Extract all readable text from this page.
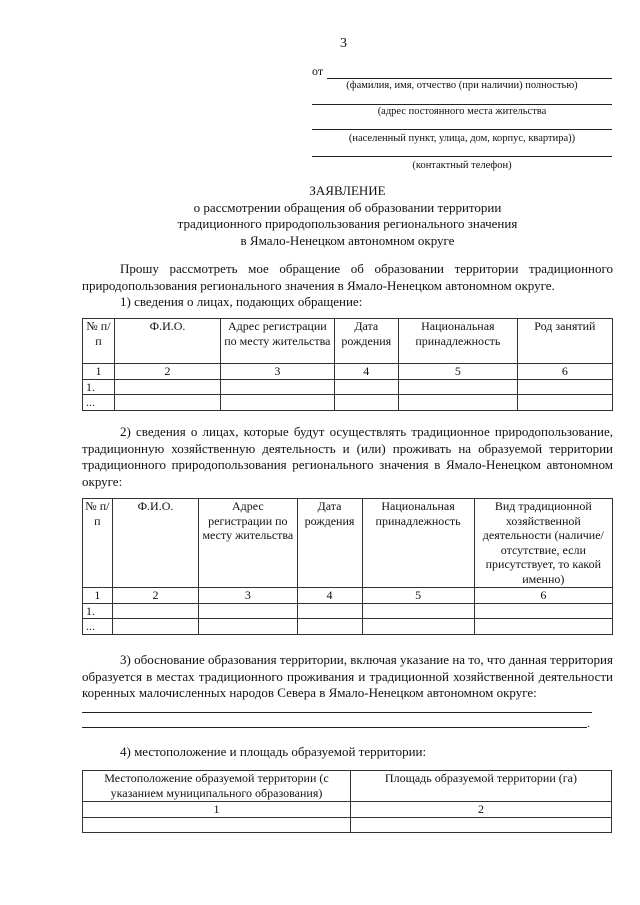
3
от
(фамилия, имя, отчество (при наличии) полностью)
(адрес постоянного места жительства
(населенный пункт, улица, дом, корпус, квартира))
(контактный телефон)
ЗАЯВЛЕНИЕ
о рассмотрении обращения об образовании территории
традиционного природопользования регионального значения
в Ямало-Ненецком автономном округе
Прошу рассмотреть мое обращение об образовании территории традиционного
природопользования регионального значения в Ямало-Ненецком автономном округе.
1) сведения о лицах, подающих обращение:
№ п/п	Ф.И.О.	Адрес регистрации по месту жительства	Дата рождения	Национальная принадлежность	Род занятий
1	2	3	4	5	6
1.					
...					
2) сведения о лицах, которые будут осуществлять традиционное природопользование,
традиционную хозяйственную деятельность и (или) проживать на образуемой территории
традиционного природопользования регионального значения в Ямало-Ненецком автономном
округе:
№ п/п	Ф.И.О.	Адрес регистрации по месту жительства	Дата рождения	Национальная принадлежность	Вид традиционной хозяйственной деятельности (наличие/отсутствие, если присутствует, то какой именно)
1	2	3	4	5	6
1.					
...					
3) обоснование образования территории, включая указание на то, что данная территория
образуется в местах традиционного проживания и традиционной хозяйственной деятельности
коренных малочисленных народов Севера в Ямало-Ненецком автономном округе:
.
4) местоположение и площадь образуемой территории:
Местоположение образуемой территории (с указанием муниципального образования)	Площадь образуемой территории (га)
1	2
